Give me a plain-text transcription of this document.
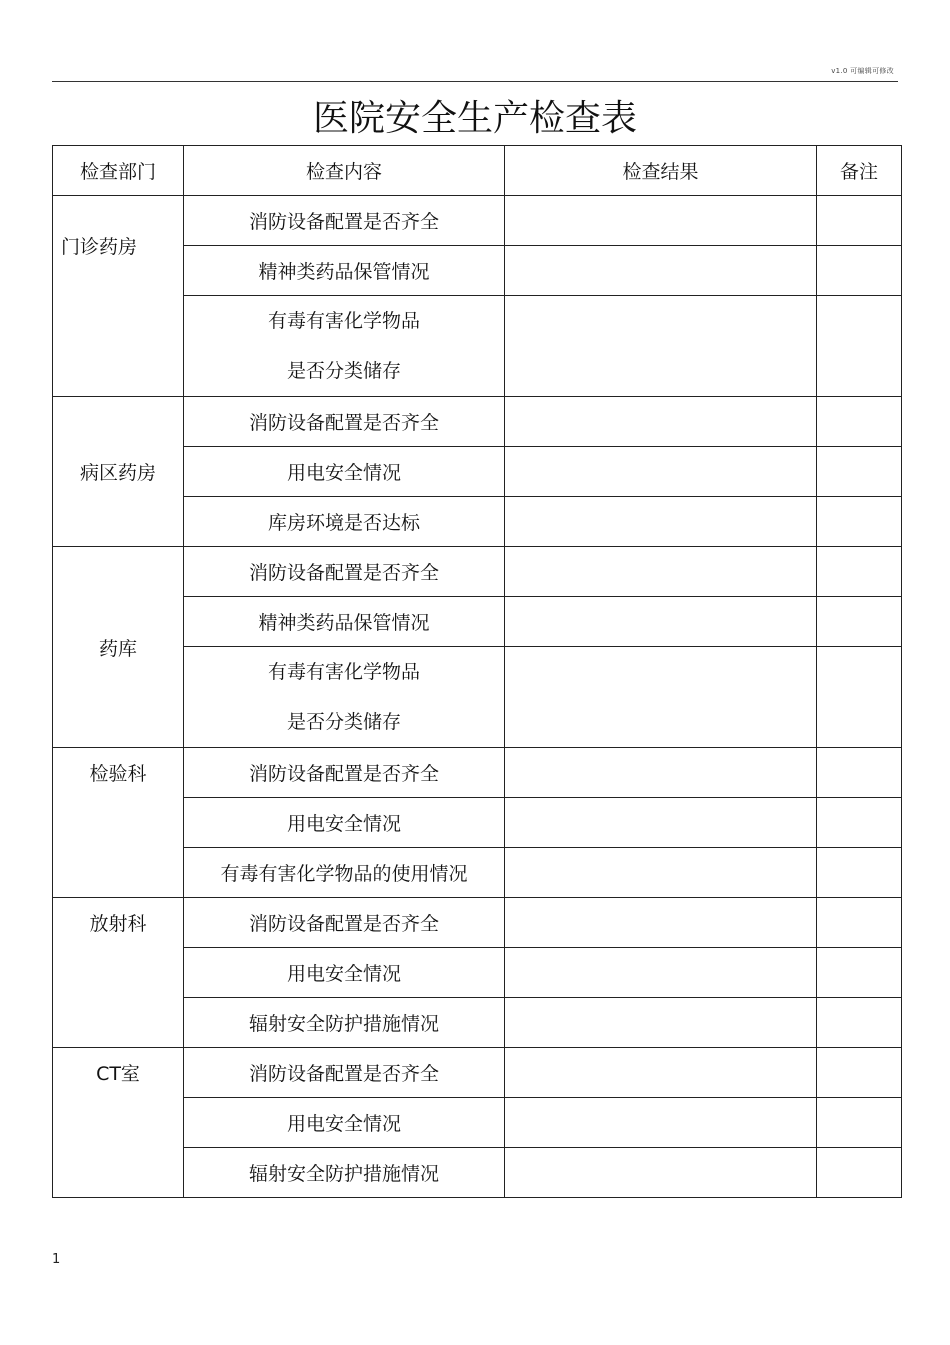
v1.0 可编辑可修改
医院安全生产检查表
检查部门	检查内容	检查结果	备注
门诊药房	消防设备配置是否齐全		
	精神类药品保管情况		

	有毒有害化学物品
是否分类储存		

病区药房	消防设备配置是否齐全		
	用电安全情况		
	库房环境是否达标		
药库	消防设备配置是否齐全		
	精神类药品保管情况		

	有毒有害化学物品
是否分类储存		

检验科	消防设备配置是否齐全		
	用电安全情况		
	有毒有害化学物品的使用情况		
放射科	消防设备配置是否齐全		
	用电安全情况		
	辐射安全防护措施情况		
CT室	消防设备配置是否齐全		
	用电安全情况		
	辐射安全防护措施情况		
1
